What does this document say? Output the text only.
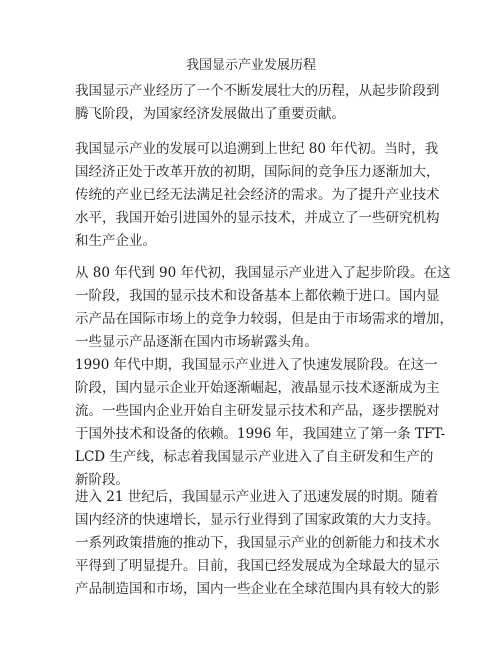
我国显示产业发展历程
我国显示产业经历了一个不断发展壮大的历程，从起步阶段到
腾飞阶段，为国家经济发展做出了重要贡献。
我国显示产业的发展可以追溯到上世纪 80 年代初。当时，我
国经济正处于改革开放的初期，国际间的竞争压力逐渐加大，
传统的产业已经无法满足社会经济的需求。为了提升产业技术
水平，我国开始引进国外的显示技术，并成立了一些研究机构
和生产企业。
从 80 年代到 90 年代初，我国显示产业进入了起步阶段。在这
一阶段，我国的显示技术和设备基本上都依赖于进口。国内显
示产品在国际市场上的竞争力较弱，但是由于市场需求的增加，
一些显示产品逐渐在国内市场崭露头角。
1990 年代中期，我国显示产业进入了快速发展阶段。在这一
阶段，国内显示企业开始逐渐崛起，液晶显示技术逐渐成为主
流。一些国内企业开始自主研发显示技术和产品，逐步摆脱对
于国外技术和设备的依赖。1996 年，我国建立了第一条 TFT-
LCD 生产线，标志着我国显示产业进入了自主研发和生产的
新阶段。
进入 21 世纪后，我国显示产业进入了迅速发展的时期。随着
国内经济的快速增长，显示行业得到了国家政策的大力支持。
一系列政策措施的推动下，我国显示产业的创新能力和技术水
平得到了明显提升。目前，我国已经发展成为全球最大的显示
产品制造国和市场，国内一些企业在全球范围内具有较大的影
